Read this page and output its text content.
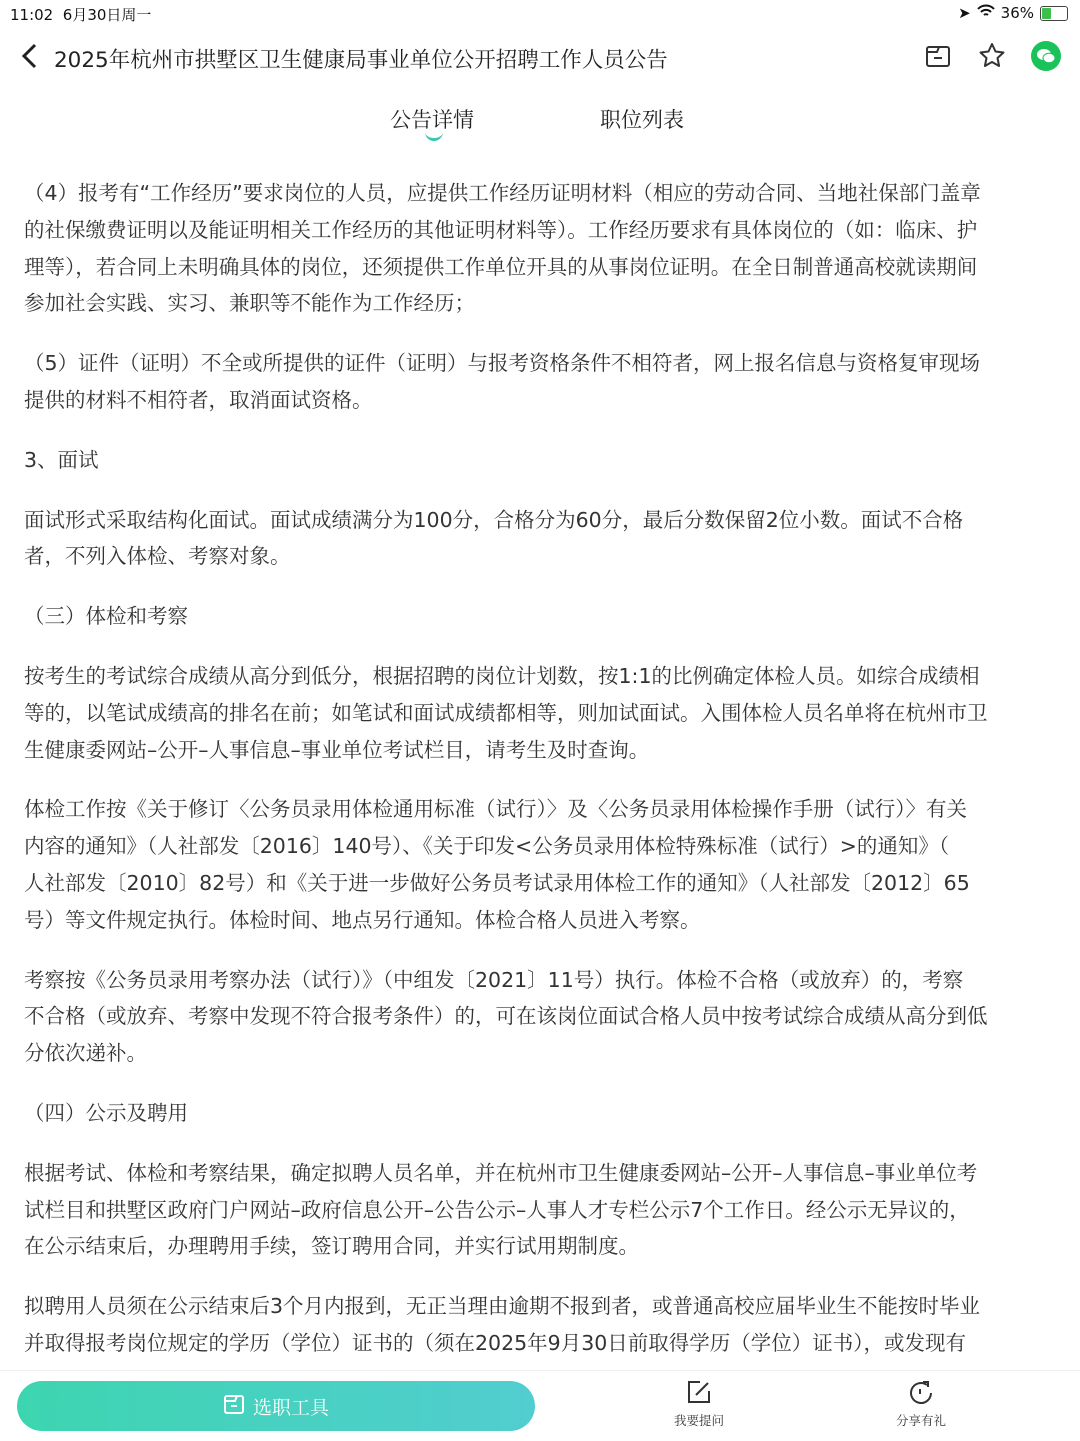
11:02 6月30日周一	➤ 36%
2025年杭州市拱墅区卫生健康局事业单位公开招聘工作人员公告
公告详情	职位列表
（4）报考有“工作经历”要求岗位的人员，应提供工作经历证明材料（相应的劳动合同、当地社保部门盖章
的社保缴费证明以及能证明相关工作经历的其他证明材料等）。工作经历要求有具体岗位的（如：临床、护
理等），若合同上未明确具体的岗位，还须提供工作单位开具的从事岗位证明。在全日制普通高校就读期间
参加社会实践、实习、兼职等不能作为工作经历；
（5）证件（证明）不全或所提供的证件（证明）与报考资格条件不相符者，网上报名信息与资格复审现场
提供的材料不相符者，取消面试资格。
3、面试
面试形式采取结构化面试。面试成绩满分为100分，合格分为60分，最后分数保留2位小数。面试不合格
者，不列入体检、考察对象。
（三）体检和考察
按考生的考试综合成绩从高分到低分，根据招聘的岗位计划数，按1:1的比例确定体检人员。如综合成绩相
等的，以笔试成绩高的排名在前；如笔试和面试成绩都相等，则加试面试。入围体检人员名单将在杭州市卫
生健康委网站–公开–人事信息–事业单位考试栏目，请考生及时查询。
体检工作按《关于修订〈公务员录用体检通用标准（试行）〉及〈公务员录用体检操作手册（试行）〉有关
内容的通知》（人社部发〔2016〕140号）、《关于印发<公务员录用体检特殊标准（试行）>的通知》（
人社部发〔2010〕82号）和《关于进一步做好公务员考试录用体检工作的通知》（人社部发〔2012〕65
号）等文件规定执行。体检时间、地点另行通知。体检合格人员进入考察。
考察按《公务员录用考察办法（试行）》（中组发〔2021〕11号）执行。体检不合格（或放弃）的，考察
不合格（或放弃、考察中发现不符合报考条件）的，可在该岗位面试合格人员中按考试综合成绩从高分到低
分依次递补。
（四）公示及聘用
根据考试、体检和考察结果，确定拟聘人员名单，并在杭州市卫生健康委网站–公开–人事信息–事业单位考
试栏目和拱墅区政府门户网站–政府信息公开–公告公示–人事人才专栏公示7个工作日。经公示无异议的，
在公示结束后，办理聘用手续，签订聘用合同，并实行试用期制度。
拟聘用人员须在公示结束后3个月内报到，无正当理由逾期不报到者，或普通高校应届毕业生不能按时毕业
并取得报考岗位规定的学历（学位）证书的（须在2025年9月30日前取得学历（学位）证书），或发现有
选职工具
我要提问	分享有礼
